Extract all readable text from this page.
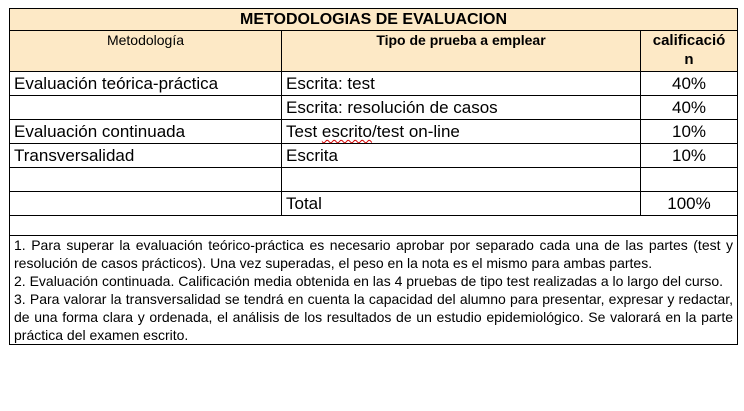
METODOLOGIAS DE EVALUACION		
Metodología	Tipo de prueba a emplear	calificació
n

Evaluación teórica-práctica	Escrita: test	40%
	Escrita: resolución de casos	40%
Evaluación continuada	Test escrito/test on-line	10%
Transversalidad	Escrita	10%

	Total	100%

1. Para superar la evaluación teórico-práctica es necesario aprobar por separado cada una de las partes (test y resolución de casos prácticos). Una vez superadas, el peso en la nota es el mismo para ambas partes.
2. Evaluación continuada. Calificación media obtenida en las 4 pruebas de tipo test realizadas a lo largo del curso.
3. Para valorar la transversalidad se tendrá en cuenta la capacidad del alumno para presentar, expresar y redactar, de una forma clara y ordenada, el análisis de los resultados de un estudio epidemiológico. Se valorará en la parte práctica del examen escrito.		
